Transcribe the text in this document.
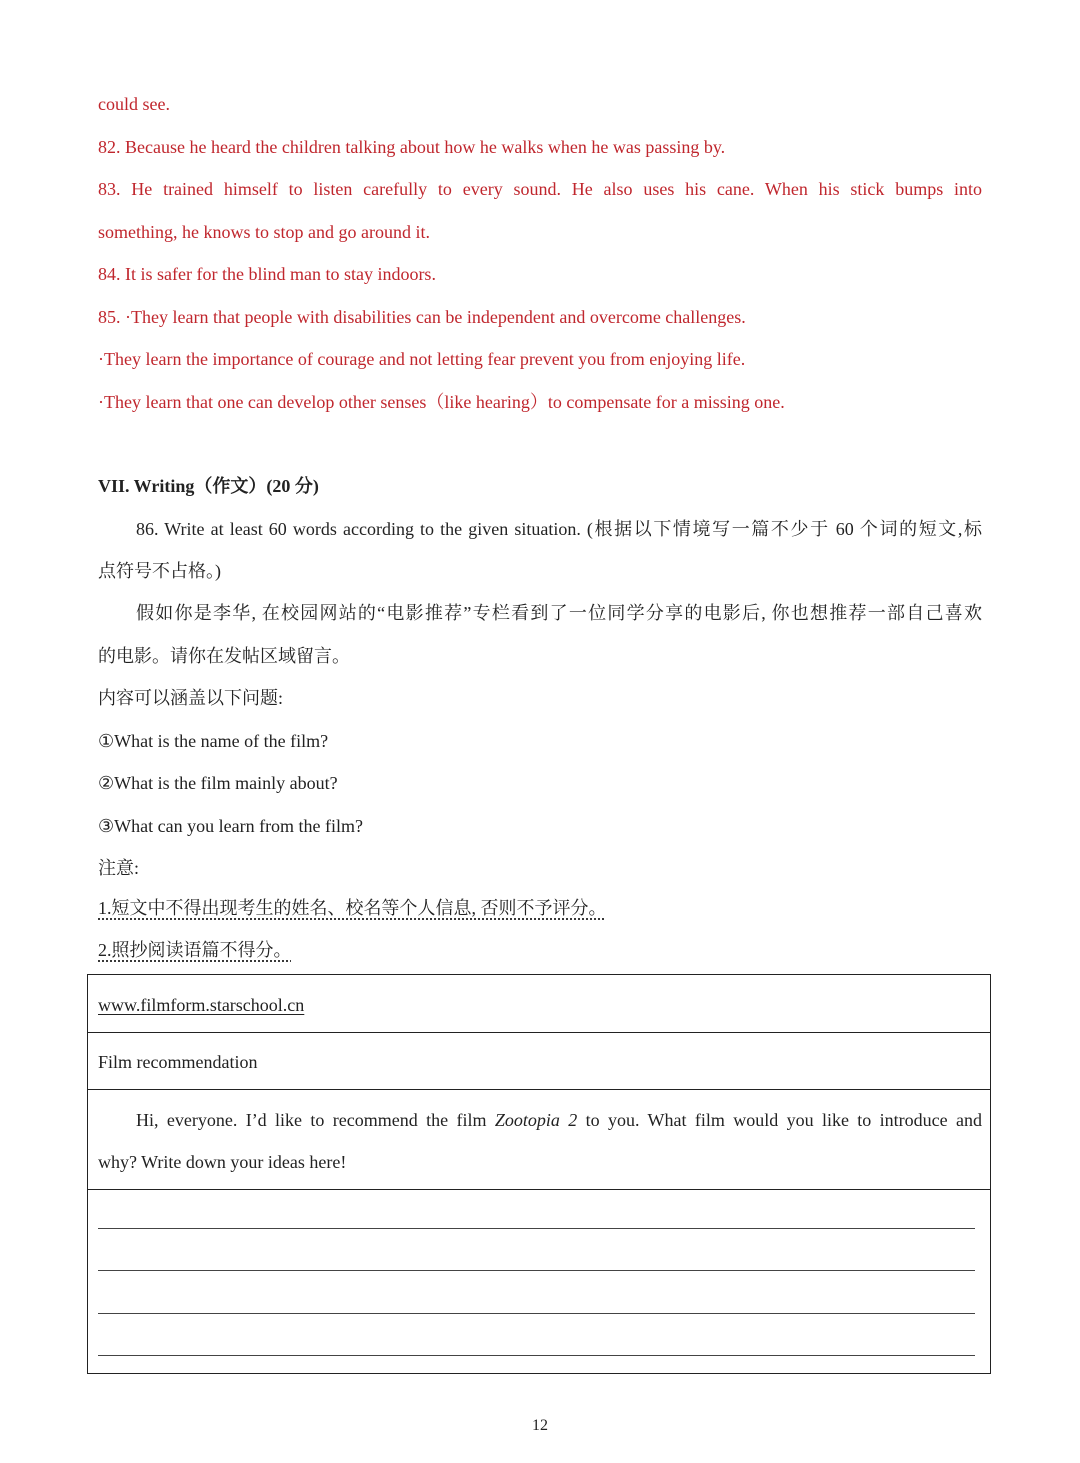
could see.
82. Because he heard the children talking about how he walks when he was passing by.
83. He trained himself to listen carefully to every sound. He also uses his cane. When his stick bumps into
something, he knows to stop and go around it.
84. It is safer for the blind man to stay indoors.
85. ·They learn that people with disabilities can be independent and overcome challenges.
·They learn the importance of courage and not letting fear prevent you from enjoying life.
·They learn that one can develop other senses（like hearing）to compensate for a missing one.
VII. Writing（作文）(20 分)
86. Write at least 60 words according to the given situation. (根据以下情境写一篇不少于 60 个词的短文,标
点符号不占格。)
假如你是李华, 在校园网站的“电影推荐”专栏看到了一位同学分享的电影后, 你也想推荐一部自己喜欢
的电影。请你在发帖区域留言。
内容可以涵盖以下问题:
①What is the name of the film?
②What is the film mainly about?
③What can you learn from the film?
注意:
1.短文中不得出现考生的姓名、校名等个人信息, 否则不予评分。
2.照抄阅读语篇不得分。
www.filmform.starschool.cn
Film recommendation
Hi, everyone. I’d like to recommend the film Zootopia 2 to you. What film would you like to introduce and
why? Write down your ideas here!
12
